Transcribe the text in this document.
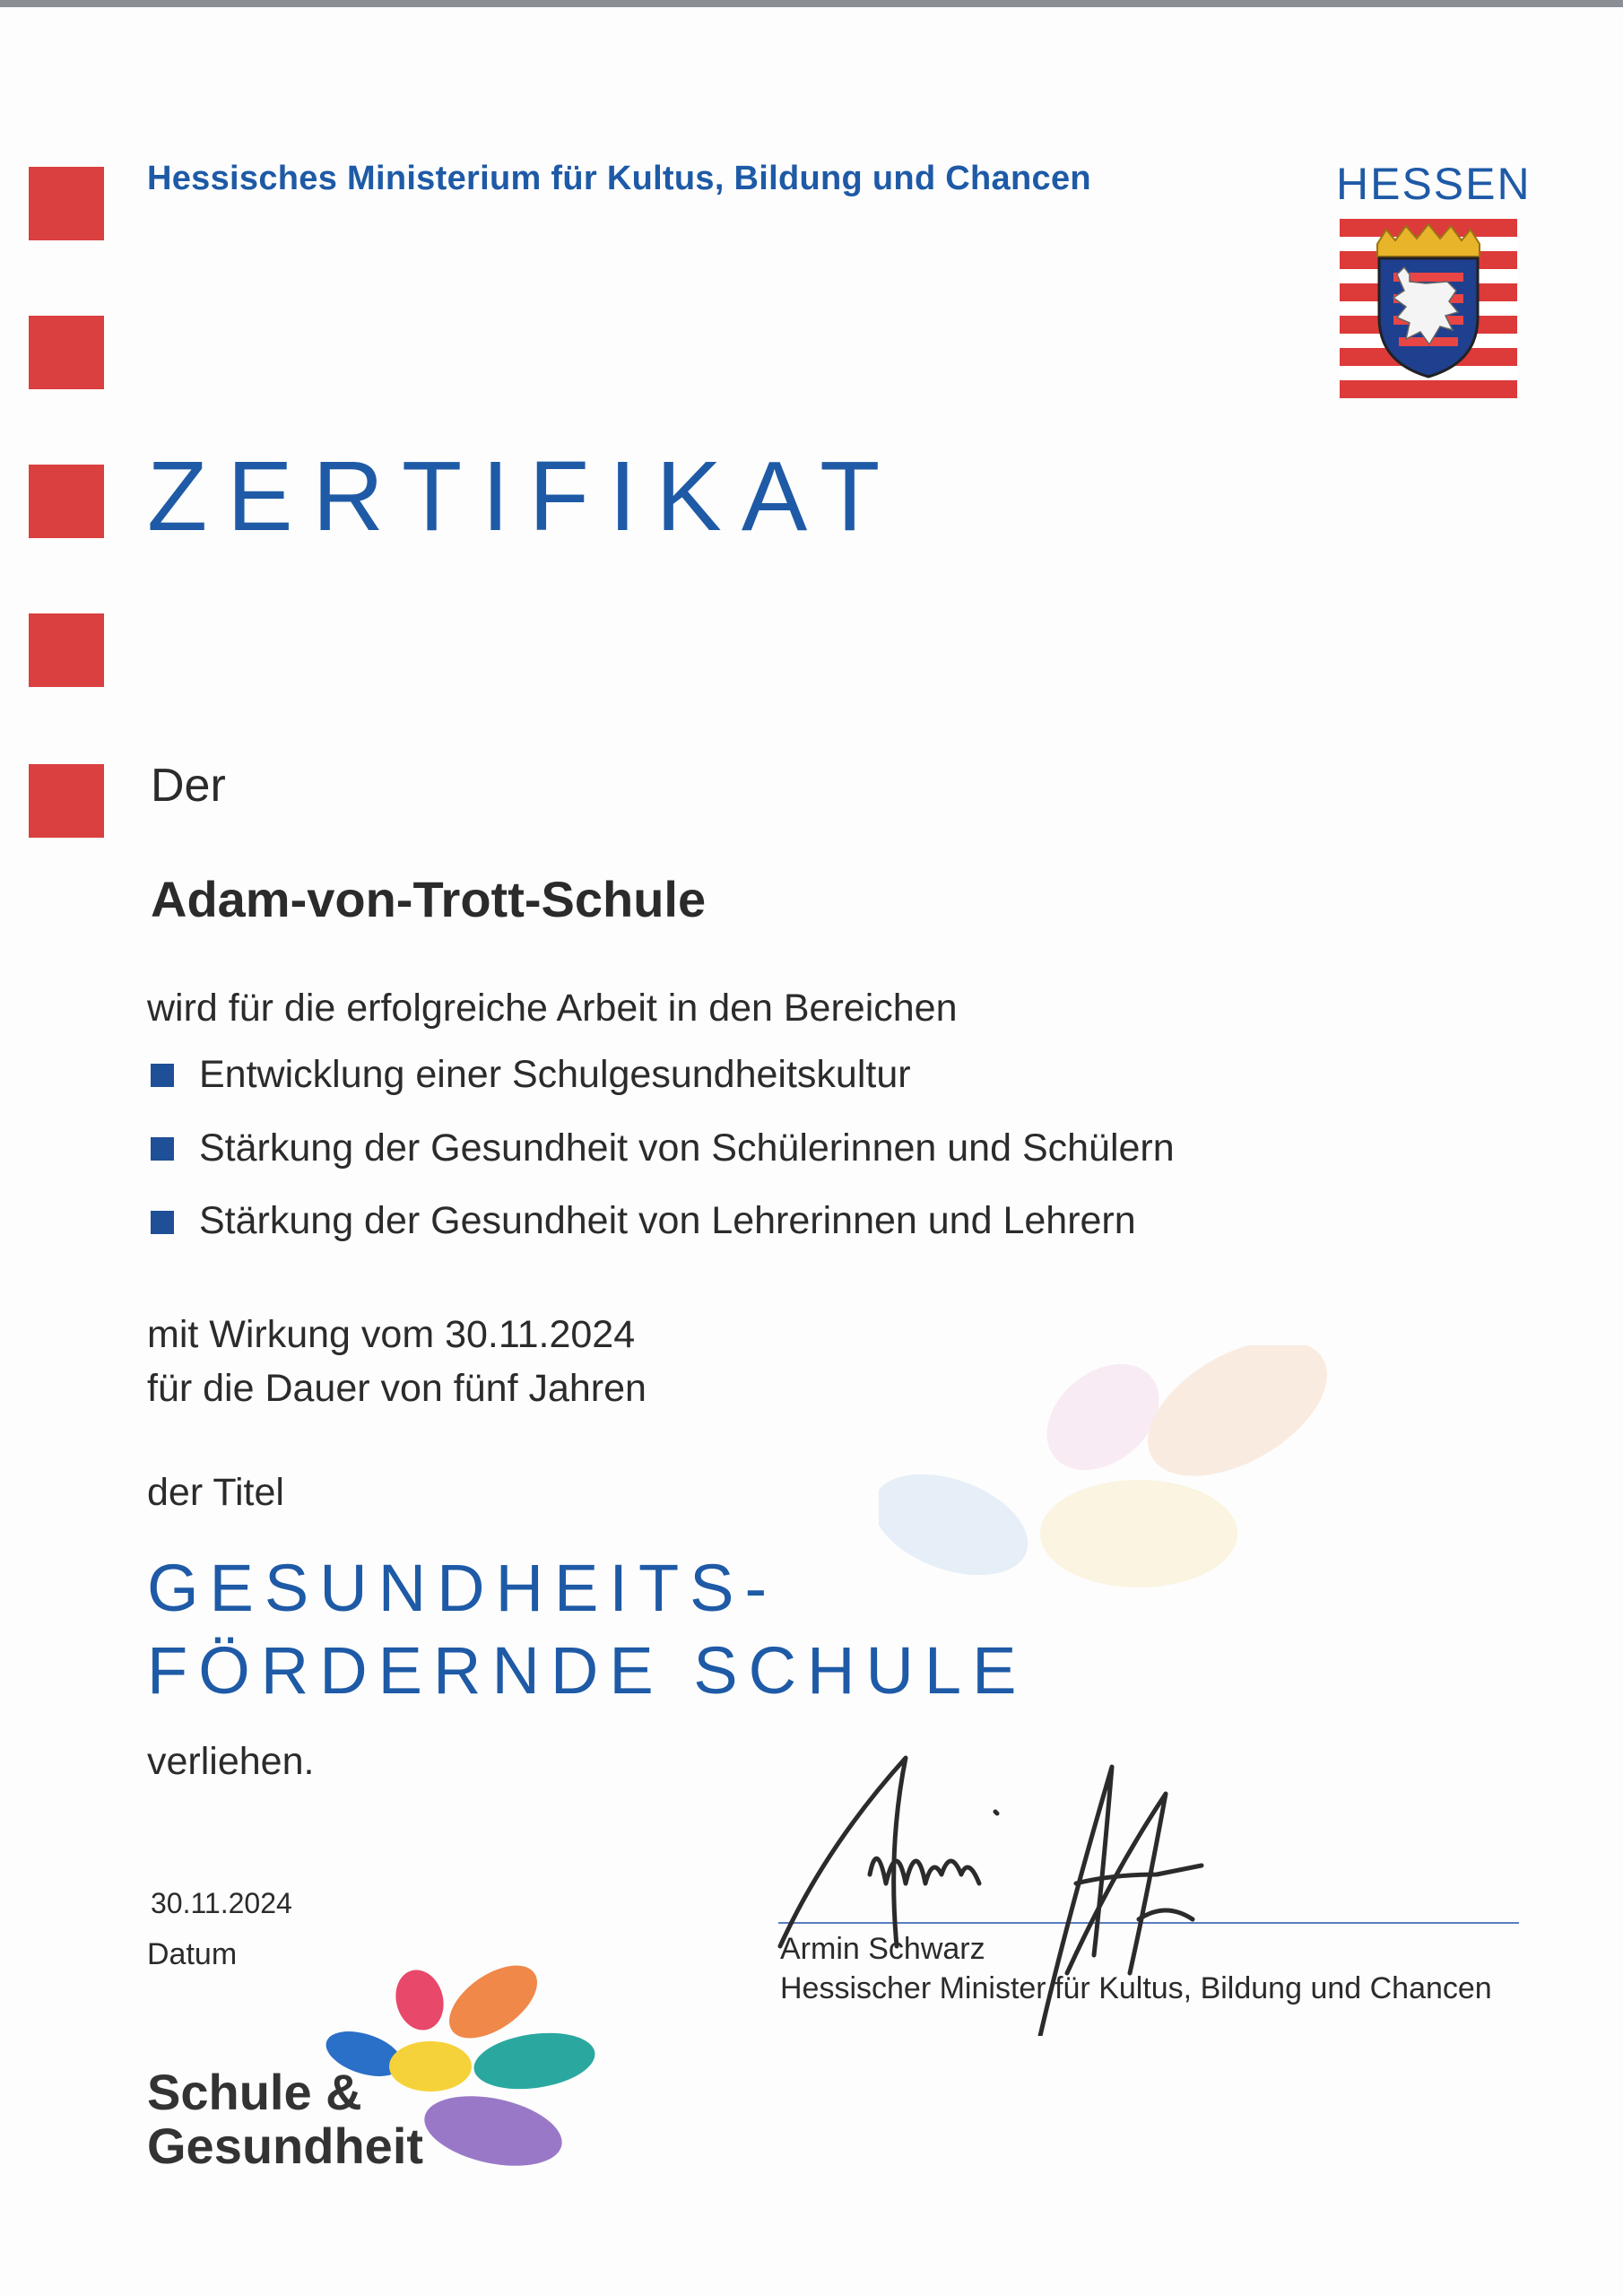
Hessisches Ministerium für Kultus, Bildung und Chancen	HESSEN
ZERTIFIKAT
Der
Adam-von-Trott-Schule
wird für die erfolgreiche Arbeit in den Bereichen
Entwicklung einer Schulgesundheitskultur
Stärkung der Gesundheit von Schülerinnen und Schülern
Stärkung der Gesundheit von Lehrerinnen und Lehrern
mit Wirkung vom 30.11.2024
für die Dauer von fünf Jahren
der Titel
GESUNDHEITS-
FÖRDERNDE SCHULE
verliehen.
30.11.2024
Datum	Armin Schwarz
Hessischer Minister für Kultus, Bildung und Chancen
Schule &
Gesundheit
